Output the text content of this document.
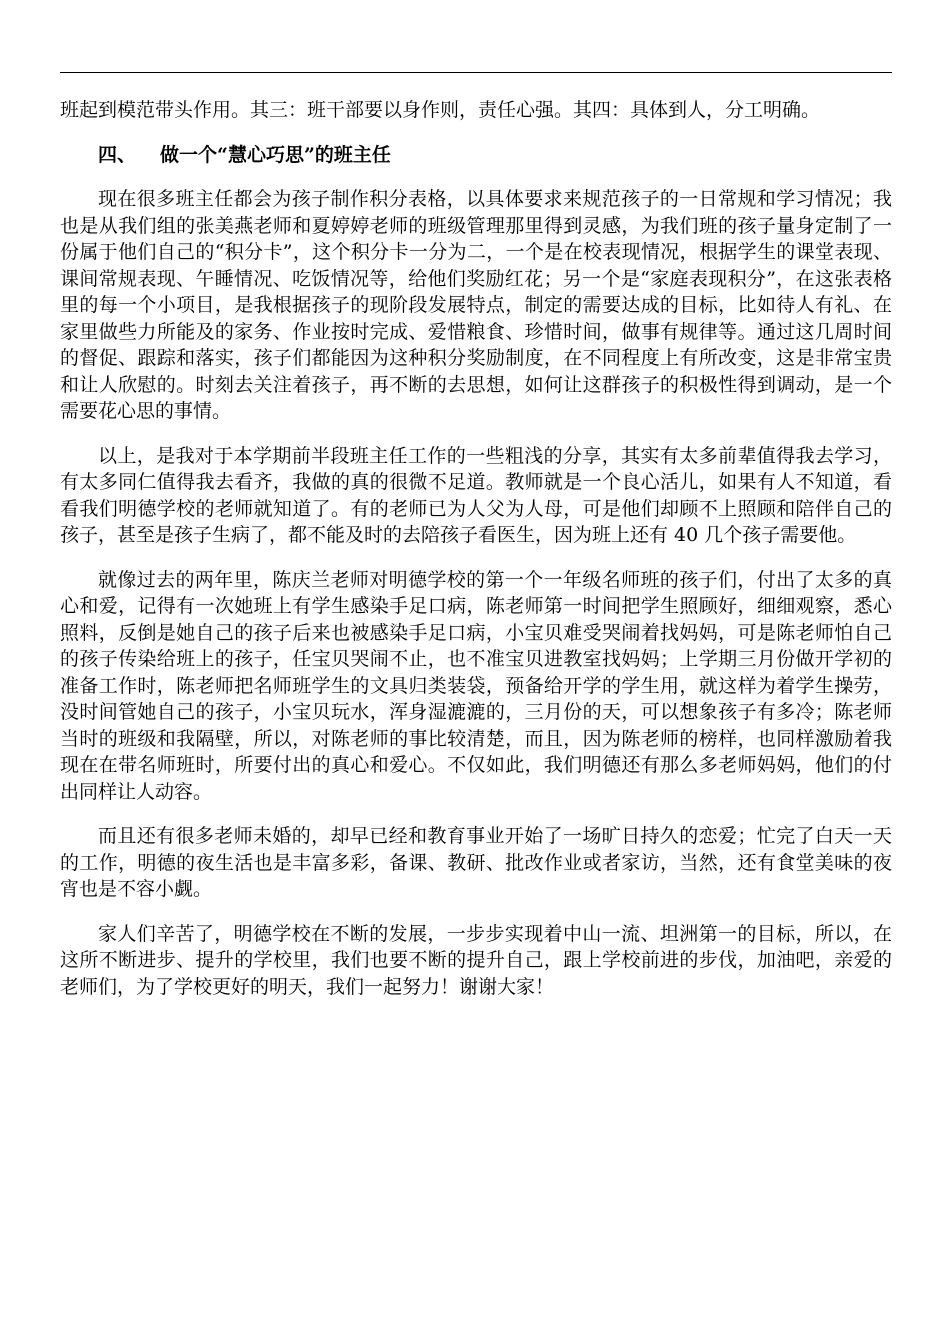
班起到模范带头作用。其三：班干部要以身作则，责任心强。其四：具体到人，分工明确。

四、 做一个“慧心巧思”的班主任

现在很多班主任都会为孩子制作积分表格，以具体要求来规范孩子的一日常规和学习情况；我也是从我们组的张美燕老师和夏婷婷老师的班级管理那里得到灵感，为我们班的孩子量身定制了一份属于他们自己的“积分卡”，这个积分卡一分为二，一个是在校表现情况，根据学生的课堂表现、课间常规表现、午睡情况、吃饭情况等，给他们奖励红花；另一个是“家庭表现积分”，在这张表格里的每一个小项目，是我根据孩子的现阶段发展特点，制定的需要达成的目标，比如待人有礼、在家里做些力所能及的家务、作业按时完成、爱惜粮食、珍惜时间，做事有规律等。通过这几周时间的督促、跟踪和落实，孩子们都能因为这种积分奖励制度，在不同程度上有所改变，这是非常宝贵和让人欣慰的。时刻去关注着孩子，再不断的去思想，如何让这群孩子的积极性得到调动，是一个需要花心思的事情。

以上，是我对于本学期前半段班主任工作的一些粗浅的分享，其实有太多前辈值得我去学习，有太多同仁值得我去看齐，我做的真的很微不足道。教师就是一个良心活儿，如果有人不知道，看看我们明德学校的老师就知道了。有的老师已为人父为人母，可是他们却顾不上照顾和陪伴自己的孩子，甚至是孩子生病了，都不能及时的去陪孩子看医生，因为班上还有 40 几个孩子需要他。

就像过去的两年里，陈庆兰老师对明德学校的第一个一年级名师班的孩子们，付出了太多的真心和爱，记得有一次她班上有学生感染手足口病，陈老师第一时间把学生照顾好，细细观察，悉心照料，反倒是她自己的孩子后来也被感染手足口病，小宝贝难受哭闹着找妈妈，可是陈老师怕自己的孩子传染给班上的孩子，任宝贝哭闹不止，也不准宝贝进教室找妈妈；上学期三月份做开学初的准备工作时，陈老师把名师班学生的文具归类装袋，预备给开学的学生用，就这样为着学生操劳，没时间管她自己的孩子，小宝贝玩水，浑身湿漉漉的，三月份的天，可以想象孩子有多冷；陈老师当时的班级和我隔壁，所以，对陈老师的事比较清楚，而且，因为陈老师的榜样，也同样激励着我现在在带名师班时，所要付出的真心和爱心。不仅如此，我们明德还有那么多老师妈妈，他们的付出同样让人动容。

而且还有很多老师未婚的，却早已经和教育事业开始了一场旷日持久的恋爱；忙完了白天一天的工作，明德的夜生活也是丰富多彩，备课、教研、批改作业或者家访，当然，还有食堂美味的夜宵也是不容小觑。

家人们辛苦了，明德学校在不断的发展，一步步实现着中山一流、坦洲第一的目标，所以，在这所不断进步、提升的学校里，我们也要不断的提升自己，跟上学校前进的步伐，加油吧，亲爱的老师们，为了学校更好的明天，我们一起努力！谢谢大家！
